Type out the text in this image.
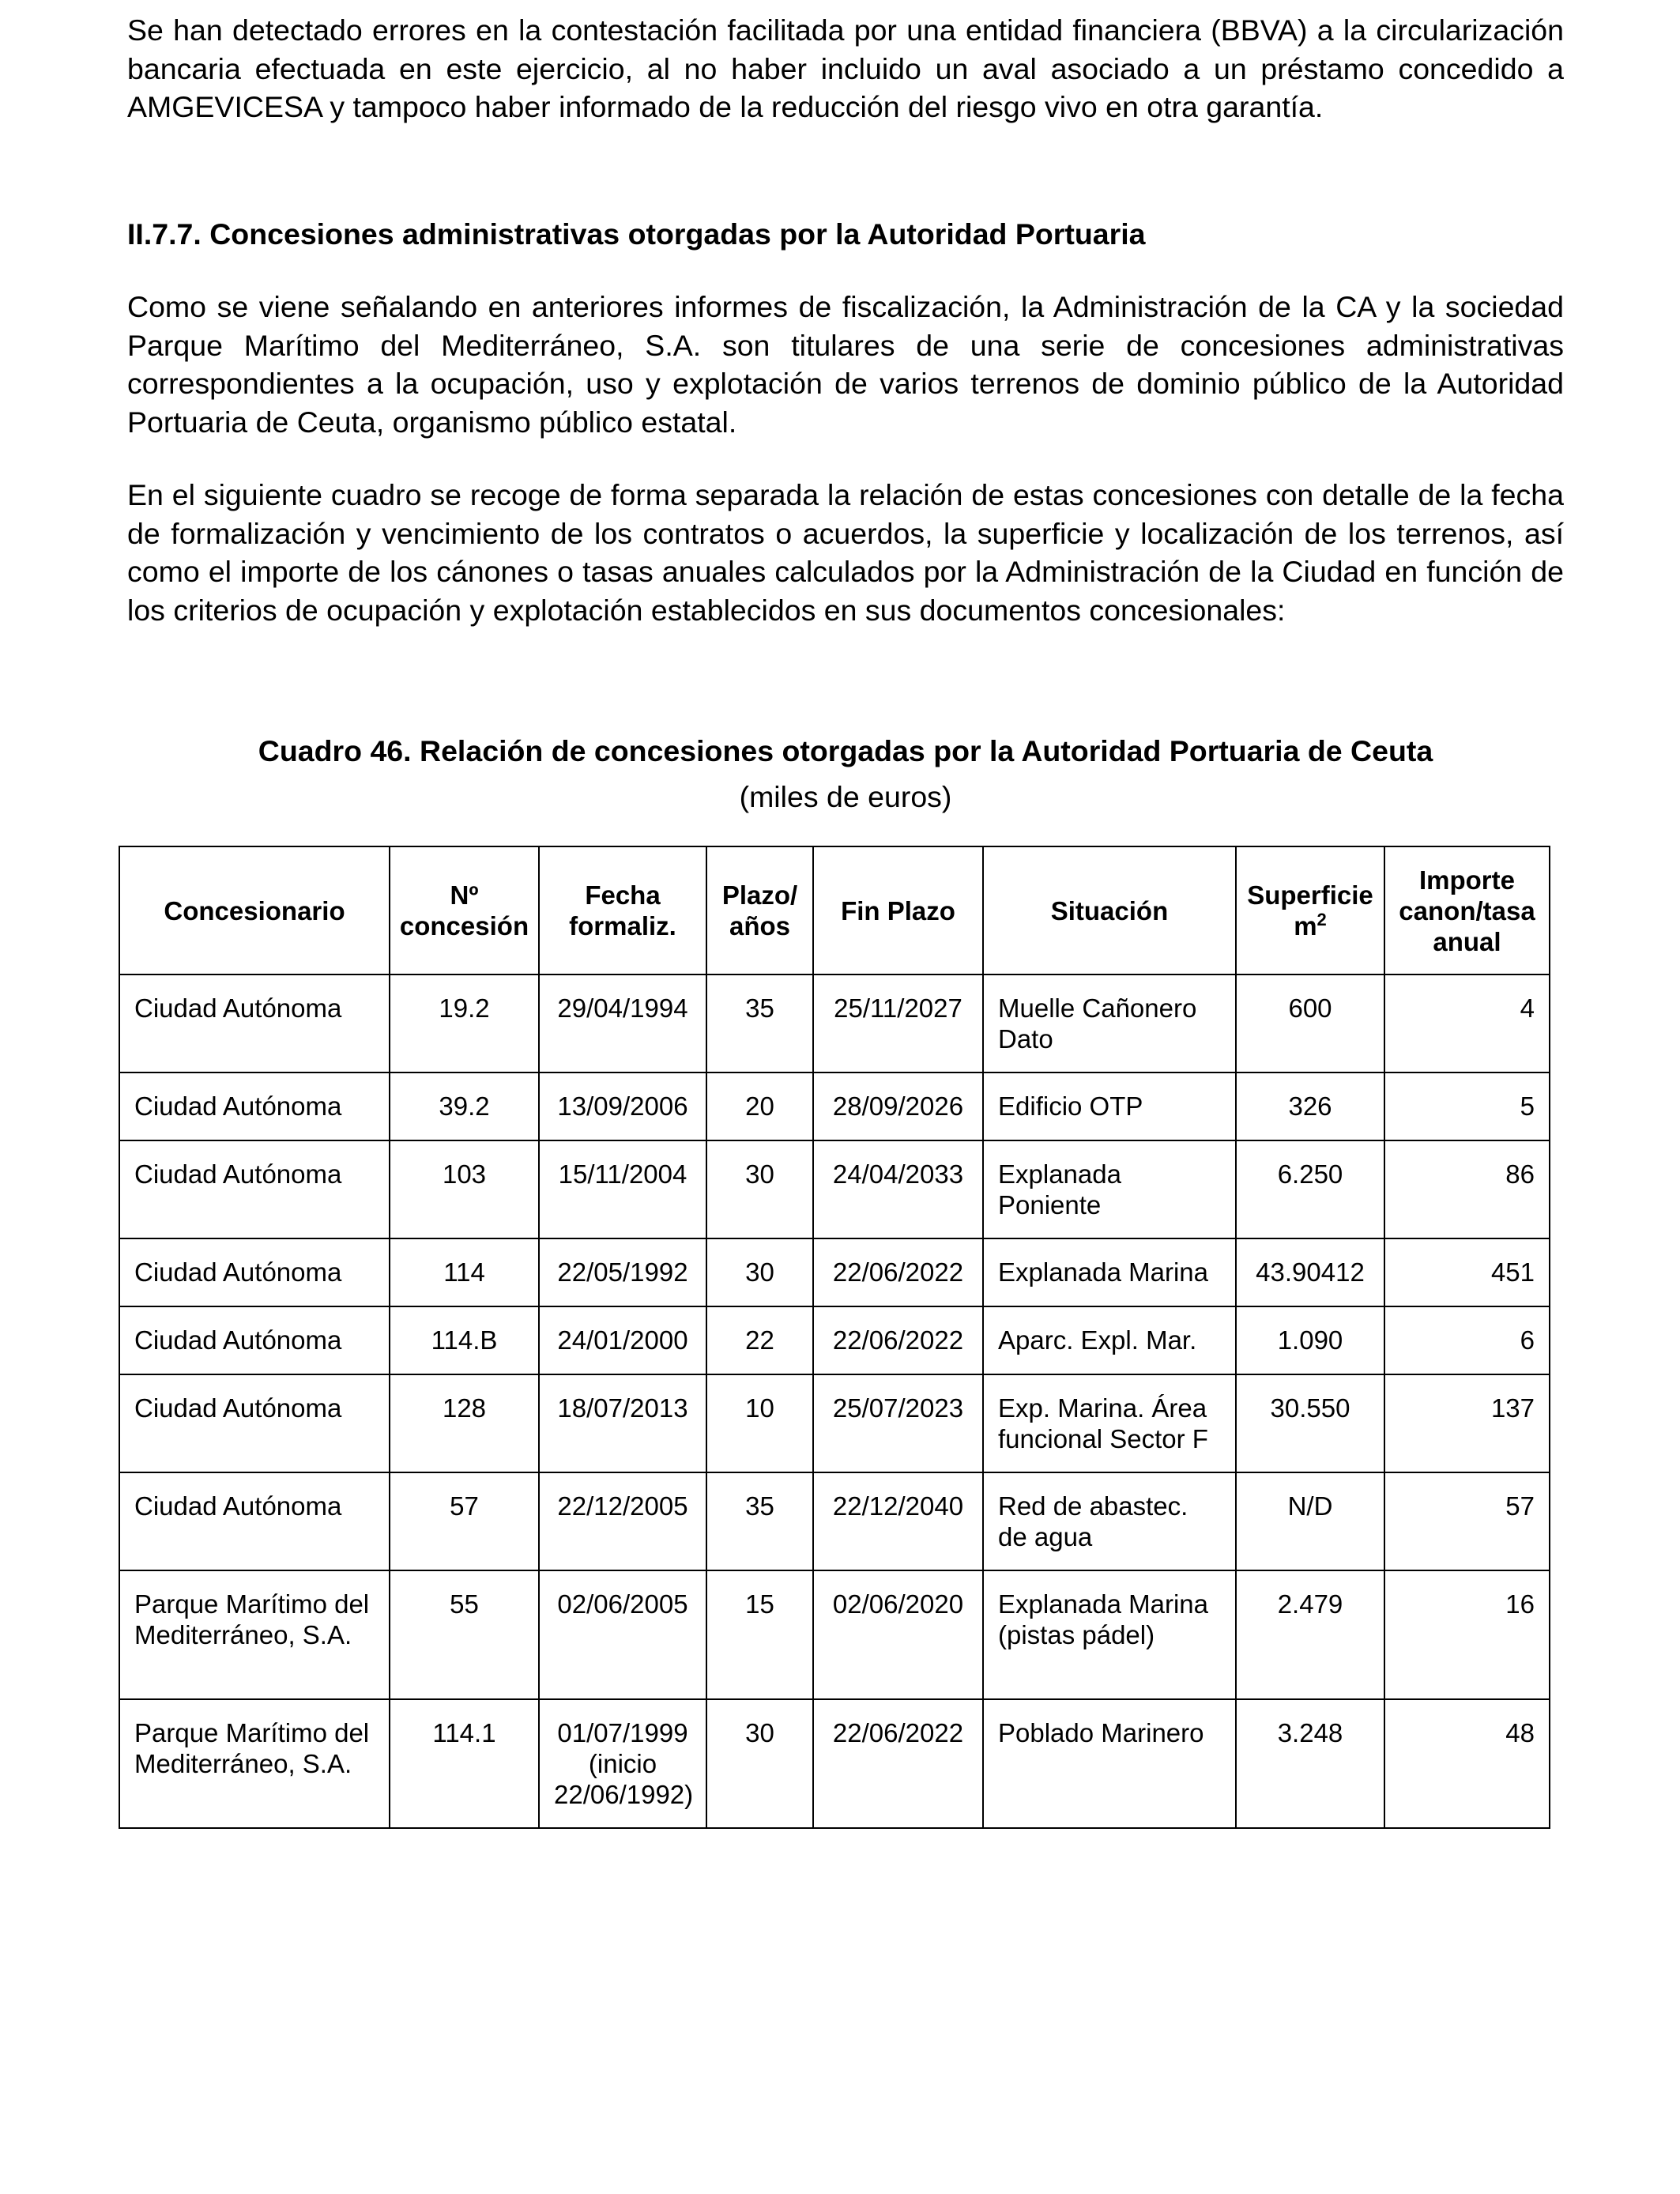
Se han detectado errores en la contestación facilitada por una entidad financiera (BBVA) a la circularización bancaria efectuada en este ejercicio, al no haber incluido un aval asociado a un préstamo concedido a AMGEVICESA y tampoco haber informado de la reducción del riesgo vivo en otra garantía.

II.7.7. Concesiones administrativas otorgadas por la Autoridad Portuaria

Como se viene señalando en anteriores informes de fiscalización, la Administración de la CA y la sociedad Parque Marítimo del Mediterráneo, S.A. son titulares de una serie de concesiones administrativas correspondientes a la ocupación, uso y explotación de varios terrenos de dominio público de la Autoridad Portuaria de Ceuta, organismo público estatal.

En el siguiente cuadro se recoge de forma separada la relación de estas concesiones con detalle de la fecha de formalización y vencimiento de los contratos o acuerdos, la superficie y localización de los terrenos, así como el importe de los cánones o tasas anuales calculados por la Administración de la Ciudad en función de los criterios de ocupación y explotación establecidos en sus documentos concesionales:

Cuadro 46. Relación de concesiones otorgadas por la Autoridad Portuaria de Ceuta

(miles de euros)

Concesionario	Nº concesión	Fecha formaliz.	Plazo/ años	Fin Plazo	Situación	Superficie $m^2$	Importe canon/tasa anual
Ciudad Autónoma	19.2	29/04/1994	35	25/11/2027	Muelle Cañonero Dato	600	4
Ciudad Autónoma	39.2	13/09/2006	20	28/09/2026	Edificio OTP	326	5
Ciudad Autónoma	103	15/11/2004	30	24/04/2033	Explanada Poniente	6.250	86
Ciudad Autónoma	114	22/05/1992	30	22/06/2022	Explanada Marina	43.90412	451
Ciudad Autónoma	114.B	24/01/2000	22	22/06/2022	Aparc. Expl. Mar.	1.090	6
Ciudad Autónoma	128	18/07/2013	10	25/07/2023	Exp. Marina. Área funcional Sector F	30.550	137
Ciudad Autónoma	57	22/12/2005	35	22/12/2040	Red de abastec. de agua	N/D	57
Parque Marítimo del Mediterráneo, S.A.	55	02/06/2005	15	02/06/2020	Explanada Marina (pistas pádel)	2.479	16
Parque Marítimo del Mediterráneo, S.A.	114.1	01/07/1999 (inicio 22/06/1992)	30	22/06/2022	Poblado Marinero	3.248	48
